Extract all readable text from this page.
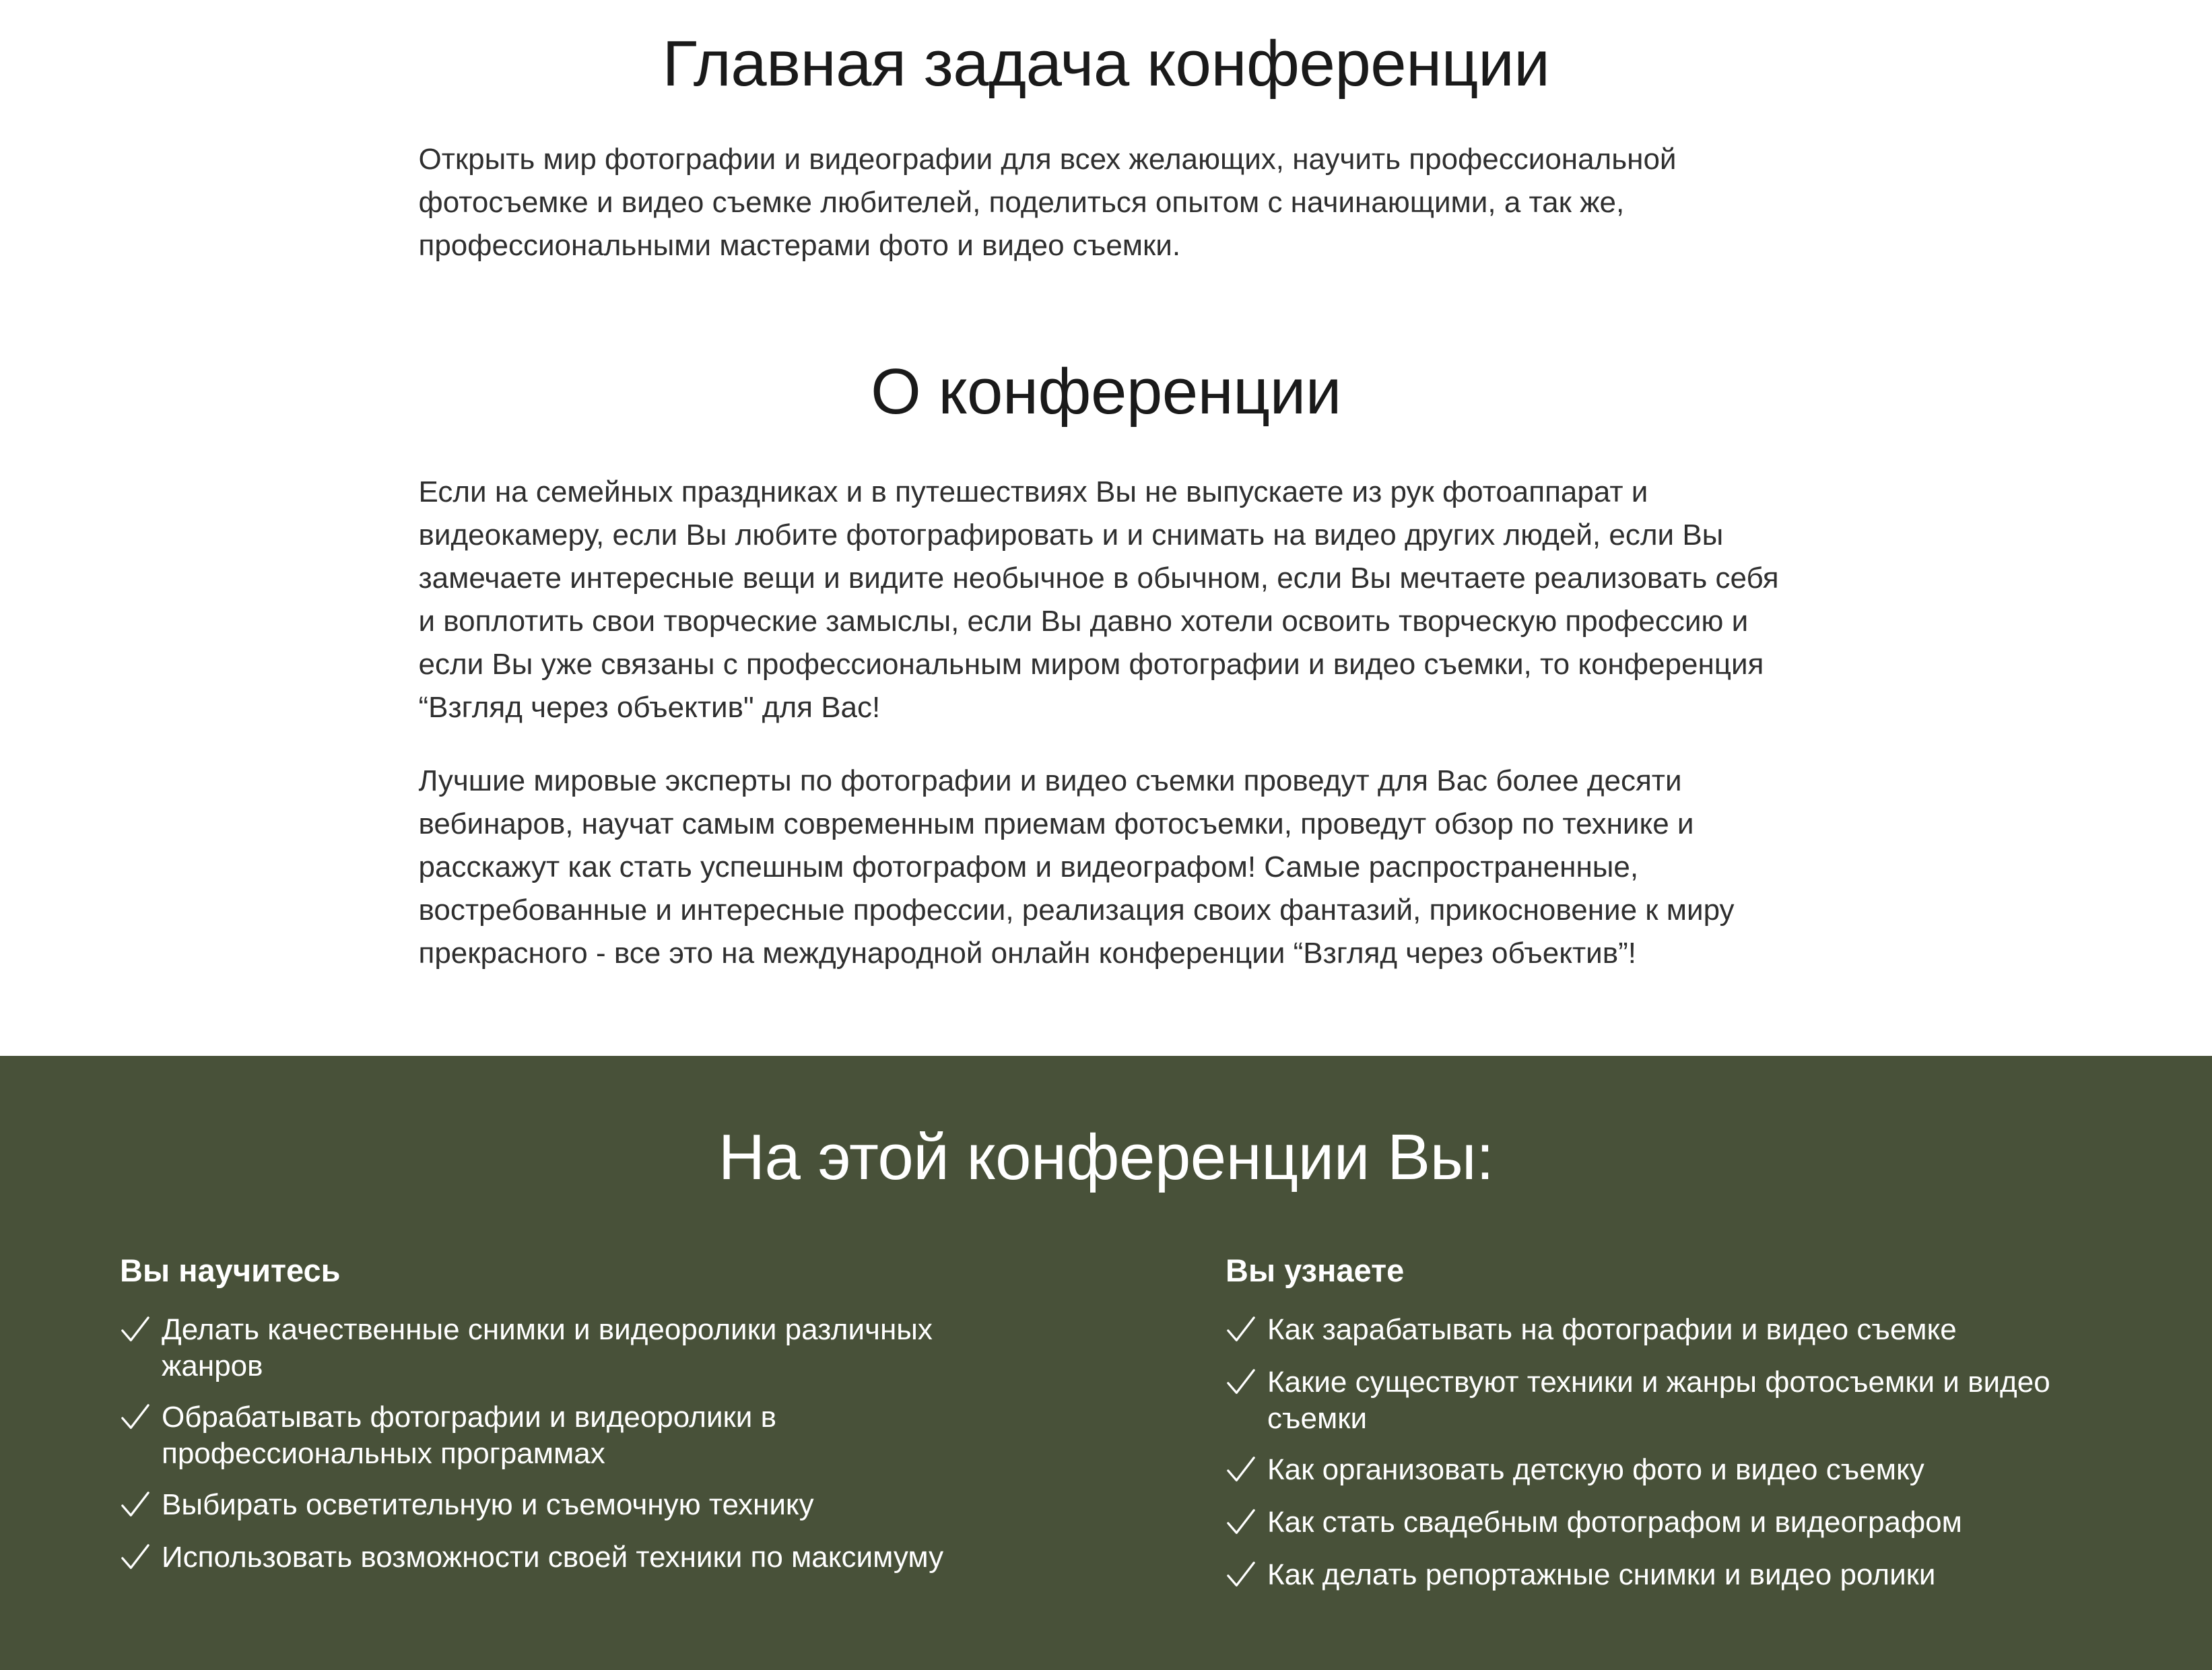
Главная задача конференции

Открыть мир фотографии и видеографии для всех желающих, научить профессиональной фотосъемке и видео съемке любителей, поделиться опытом с начинающими, а так же, профессиональными мастерами фото и видео съемки.

О конференции

Если на семейных праздниках и в путешествиях Вы не выпускаете из рук фотоаппарат и видеокамеру, если Вы любите фотографировать и и снимать на видео других людей, если Вы замечаете интересные вещи и видите необычное в обычном, если Вы мечтаете реализовать себя и воплотить свои творческие замыслы, если Вы давно хотели освоить творческую профессию и если Вы уже связаны с профессиональным миром фотографии и видео съемки, то конференция “Взгляд через объектив" для Вас!

Лучшие мировые эксперты по фотографии и видео съемки проведут для Вас более десяти вебинаров, научат самым современным приемам фотосъемки, проведут обзор по технике и расскажут как стать успешным фотографом и видеографом! Самые распространенные, востребованные и интересные профессии, реализация своих фантазий, прикосновение к миру прекрасного - все это на международной онлайн конференции “Взгляд через объектив”!

На этой конференции Вы:
Вы научитесь
Делать качественные снимки и видеоролики различных жанров
Обрабатывать фотографии и видеоролики в профессиональных программах
Выбирать осветительную и съемочную технику
Использовать возможности своей техники по максимуму
Вы узнаете
Как зарабатывать на фотографии и видео съемке
Какие существуют техники и жанры фотосъемки и видео съемки
Как организовать детскую фото и видео съемку
Как стать свадебным фотографом и видеографом
Как делать репортажные снимки и видео ролики
